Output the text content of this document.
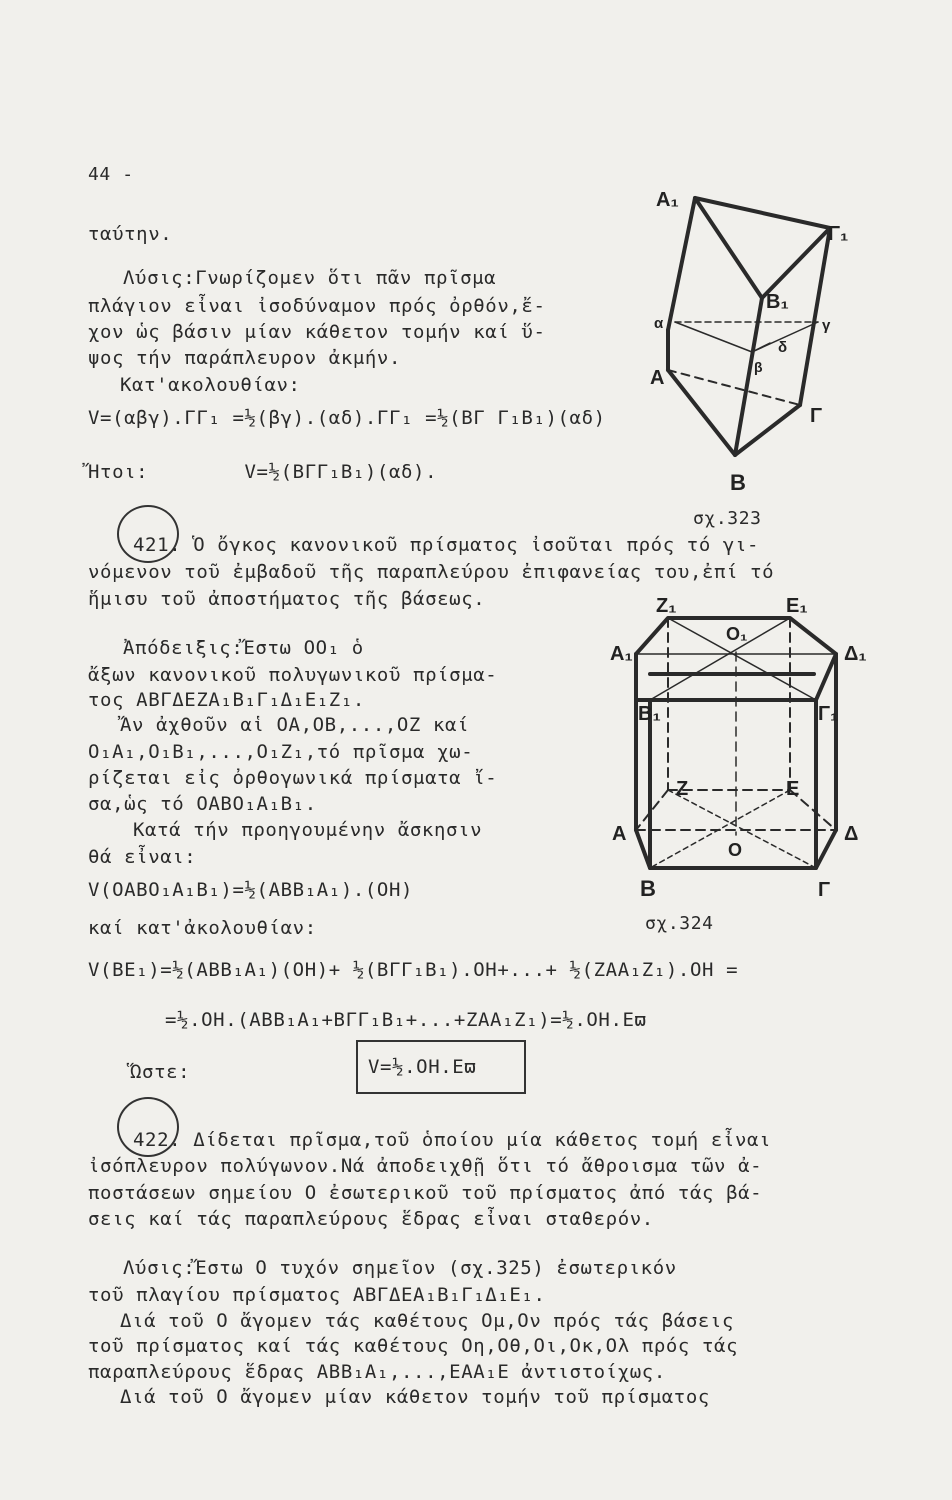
44 -
ταύτην.
Λύσις:Γνωρίζομεν ὅτι πᾶν πρῖσμα
πλάγιον εἶναι ἰσοδύναμον πρός ὀρθόν,ἔ-
χον ὡς βάσιν μίαν κάθετον τομήν καί ὕ-
ψος τήν παράπλευρον ἀκμήν.
Κατ'ακολουθίαν:
V=(αβγ).ΓΓ₁ =½(βγ).(αδ).ΓΓ₁ =½(ΒΓ Γ₁Β₁)(αδ)
Ἤτοι:        V=½(ΒΓΓ₁Β₁)(αδ).
Α₁
Γ₁
Β₁
α	γ
δ
β
Α
Γ
Β
σχ.323
421. Ὁ ὄγκος κανονικοῦ πρίσματος ἰσοῦται πρός τό γι-
νόμενον τοῦ ἐμβαδοῦ τῆς παραπλεύρου ἐπιφανείας του,ἐπί τό
ἥμισυ τοῦ ἀποστήματος τῆς βάσεως.
Ἀπόδειξις:Ἔστω ΟΟ₁ ὁ
ἄξων κανονικοῦ πολυγωνικοῦ πρίσμα-
τος ΑΒΓΔΕΖΑ₁Β₁Γ₁Δ₁Ε₁Ζ₁.
Ἄν ἀχθοῦν αἱ ΟΑ,ΟΒ,...,ΟΖ καί
Ο₁Α₁,Ο₁Β₁,...,Ο₁Ζ₁,τό πρῖσμα χω-
ρίζεται εἰς ὀρθογωνικά πρίσματα ἴ-
σα,ὡς τό ΟΑΒΟ₁Α₁Β₁.
Κατά τήν προηγουμένην ἄσκησιν
θά εἶναι:
Ζ₁	Ε₁
Α₁
Ο₁
Δ₁
Β₁	Γ₁
Ζ	Ε
Α	Δ
Ο
Β	Γ
σχ.324
V(ΟΑΒΟ₁Α₁Β₁)=½(ΑΒΒ₁Α₁).(ΟΗ)
καί κατ'ἀκολουθίαν:
V(ΒΕ₁)=½(ΑΒΒ₁Α₁)(ΟΗ)+ ½(ΒΓΓ₁Β₁).ΟΗ+...+ ½(ΖΑΑ₁Ζ₁).ΟΗ =
=½.ΟΗ.(ΑΒΒ₁Α₁+ΒΓΓ₁Β₁+...+ΖΑΑ₁Ζ₁)=½.ΟΗ.Εϖ
Ὥστε:	V=½.ΟΗ.Εϖ
422. Δίδεται πρῖσμα,τοῦ ὁποίου μία κάθετος τομή εἶναι
ἰσόπλευρον πολύγωνον.Νά ἀποδειχθῇ ὅτι τό ἄθροισμα τῶν ἀ-
ποστάσεων σημείου Ο ἐσωτερικοῦ τοῦ πρίσματος ἀπό τάς βά-
σεις καί τάς παραπλεύρους ἕδρας εἶναι σταθερόν.
Λύσις:Ἔστω Ο τυχόν σημεῖον (σχ.325) ἐσωτερικόν
τοῦ πλαγίου πρίσματος ΑΒΓΔΕΑ₁Β₁Γ₁Δ₁Ε₁.
Διά τοῦ Ο ἄγομεν τάς καθέτους Ομ,Ον πρός τάς βάσεις
τοῦ πρίσματος καί τάς καθέτους Οη,Οθ,Οι,Οκ,Ολ πρός τάς
παραπλεύρους ἕδρας ΑΒΒ₁Α₁,...,ΕΑΑ₁Ε ἀντιστοίχως.
Διά τοῦ Ο ἄγομεν μίαν κάθετον τομήν τοῦ πρίσματος
